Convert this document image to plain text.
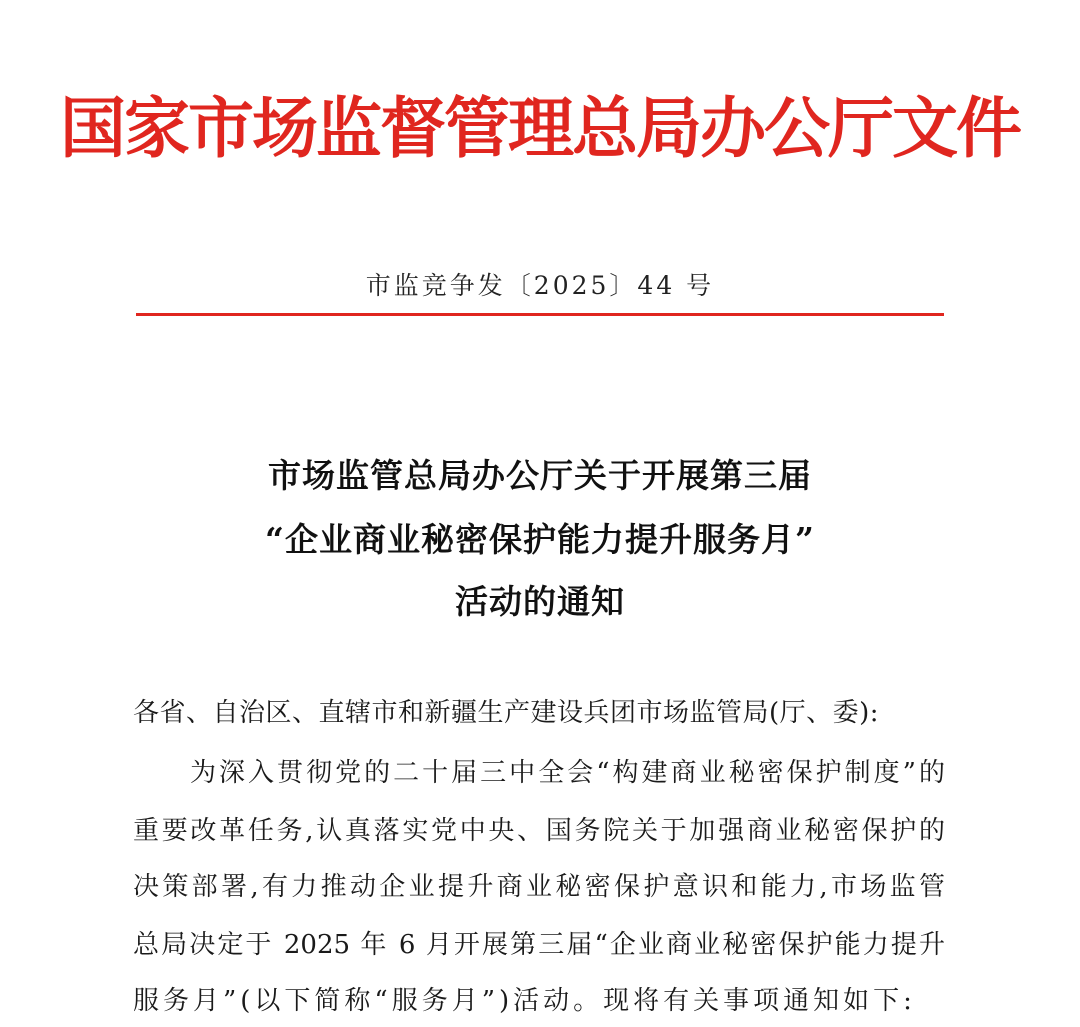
国家市场监督管理总局办公厅文件
市监竞争发〔2025〕44 号
市场监管总局办公厅关于开展第三届
“企业商业秘密保护能力提升服务月”
活动的通知
各省、自治区、直辖市和新疆生产建设兵团市场监管局(厅、委):
为深入贯彻党的二十届三中全会“构建商业秘密保护制度”的
重要改革任务,认真落实党中央、国务院关于加强商业秘密保护的
决策部署,有力推动企业提升商业秘密保护意识和能力,市场监管
总局决定于 2025 年 6 月开展第三届“企业商业秘密保护能力提升
服务月”(以下简称“服务月”)活动。现将有关事项通知如下:
